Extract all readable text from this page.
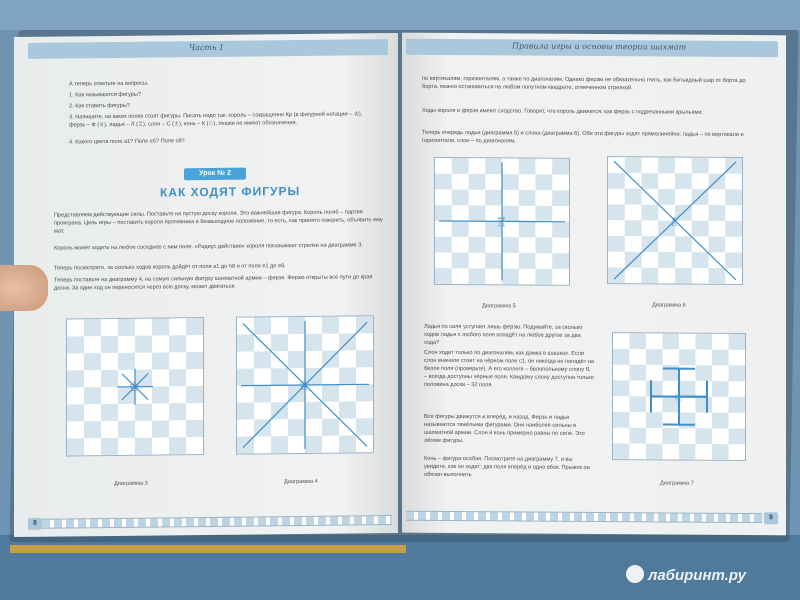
Часть 1
А теперь ответьте на вопросы.
1. Как называются фигуры?
2. Как ставить фигуры?
3. Напишите, на каких полях стоят фигуры. Писать надо так: король – сокращенно Кр (в фигурной нотации – ♔), ферзь – Ф (♕), ладья – Л (♖), слон – С (♗), конь – К (♘), пешки не имеют обозначения.
4. Какого цвета поле a1? Поле e5? Поле c8?
Урок № 2
КАК ХОДЯТ ФИГУРЫ
Представляем действующие силы. Поставьте на пустую доску короля. Это важнейшая фигура. Король погиб – партия проиграна. Цель игры – поставить короля противника в безвыходное положение, то есть, как принято говорить, объявить ему мат.
Король может ходить на любое соседнее с ним поле. «Радиус действия» короля показывают стрелки на диаграмме 3.
Теперь посмотрите, за сколько ходов король дойдёт от поля a1 до h8 и от поля e1 до e8.
Теперь поставьте на диаграмму 4, на самую сильную фигуру шахматной армии – ферзя. Ферзю открыты все пути до края доски. За один ход он переносится через всю доску, может двигаться
♔
Диаграмма 3
♕
Диаграмма 4
8
Правила игры и основы теории шахмат
по вертикалям, горизонталям, а также по диагоналям. Однако ферзю не обязательно гнать, как Битьвдный шар от борта до борта, можно остановиться на любом попутном квадрате, отмеченном стрелкой.
Ходы короля и ферзя имеют сходство. Говорят, что король движется, как ферзь с подрезанными крыльями.
Теперь очередь ладьи (диаграмма 5) и слона (диаграмма 6). Обе эти фигуры ходят прямолинейно: ладья – по вертикали и горизонтали, слон – по диагоналям.
♖
Диаграмма 5
♗
Диаграмма 6
Ладья по силе уступает лишь ферзю. Подумайте, за сколько ходов ладья с любого поля попадёт на любое другое за два хода?
Слон ходит только по диагоналям, как дамка в шашках. Если слон вначале стоит на чёрном поле c1, он никогда не попадёт на белое поле (проверьте). А его коллеге – белопольному слону f1 – всегда доступны чёрные поля. Каждому слону доступна только половина доски – 32 поля.
Все фигуры движутся и вперёд, и назад. Ферзь и ладья называются тяжёлыми фигурами. Они наиболее сильны в шахматной армии. Слон и конь примерно равны по силе. Это лёгкие фигуры.
Конь – фигура особая. Посмотрите на диаграмму 7, и вы увидите, как он ходит: два поля вперёд и одно вбок. Прыжок он обязан выполнить
♘
Диаграмма 7
9
лабиринт.ру
